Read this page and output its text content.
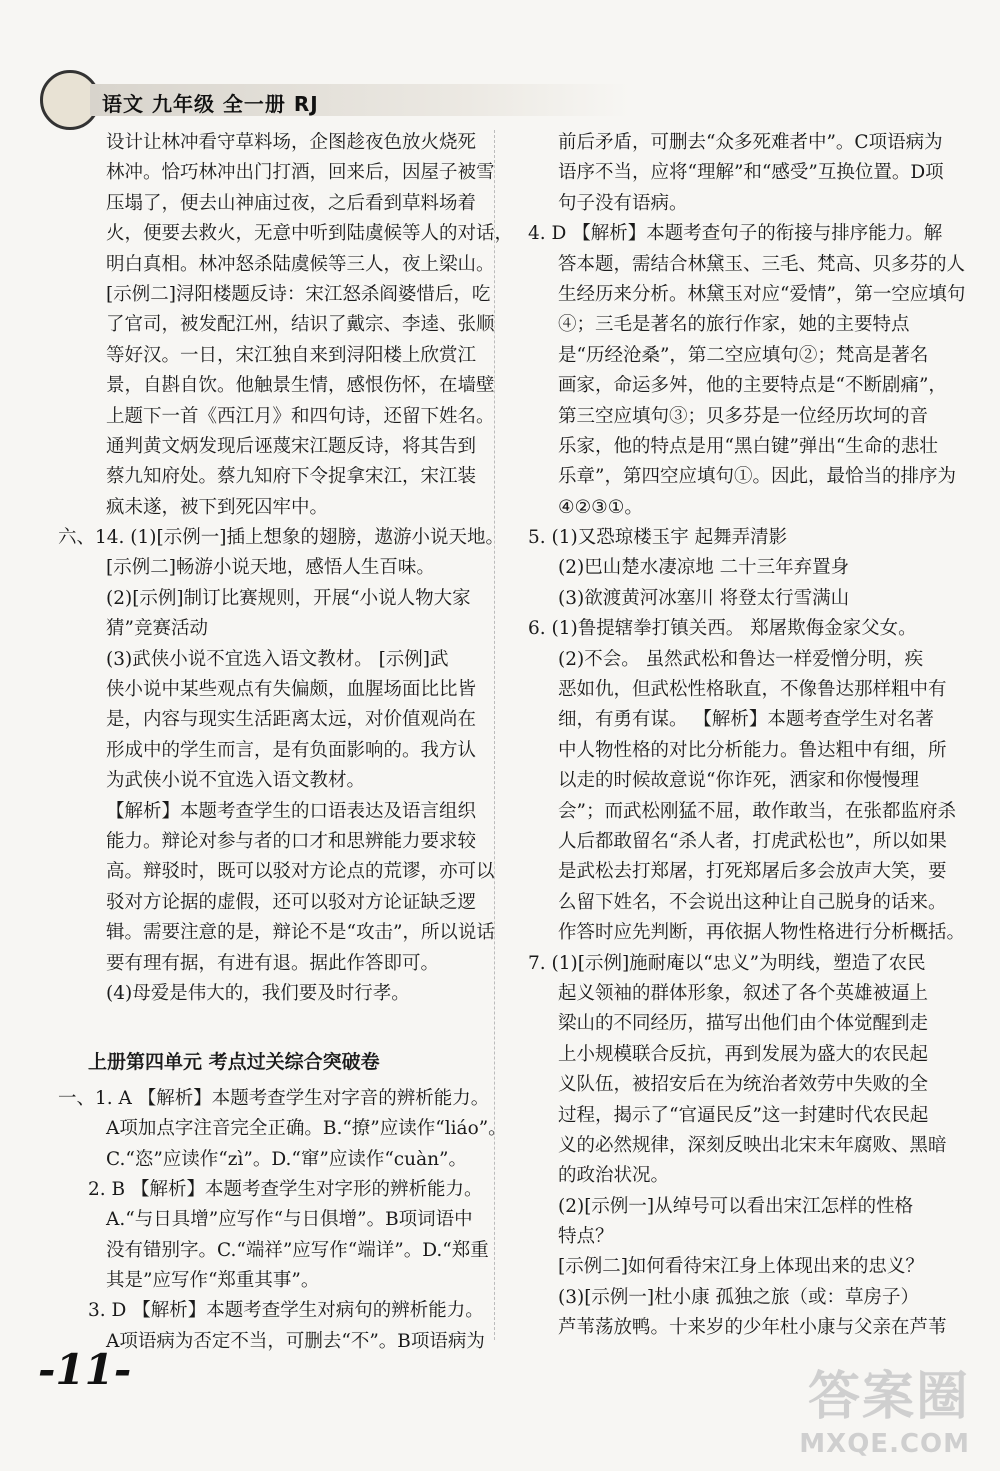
语文 九年级 全一册 RJ
设计让林冲看守草料场，企图趁夜色放火烧死
林冲。恰巧林冲出门打酒，回来后，因屋子被雪
压塌了，便去山神庙过夜，之后看到草料场着
火，便要去救火，无意中听到陆虞候等人的对话，
明白真相。林冲怒杀陆虞候等三人，夜上梁山。
[示例二]浔阳楼题反诗：宋江怒杀阎婆惜后，吃
了官司，被发配江州，结识了戴宗、李逵、张顺
等好汉。一日，宋江独自来到浔阳楼上欣赏江
景，自斟自饮。他触景生情，感恨伤怀，在墙壁
上题下一首《西江月》和四句诗，还留下姓名。
通判黄文炳发现后诬蔑宋江题反诗，将其告到
蔡九知府处。蔡九知府下令捉拿宋江，宋江装
疯未遂，被下到死囚牢中。
六、14. (1)[示例一]插上想象的翅膀，遨游小说天地。
[示例二]畅游小说天地，感悟人生百味。
(2)[示例]制订比赛规则，开展“小说人物大家
猜”竞赛活动
(3)武侠小说不宜选入语文教材。 [示例]武
侠小说中某些观点有失偏颇，血腥场面比比皆
是，内容与现实生活距离太远，对价值观尚在
形成中的学生而言，是有负面影响的。我方认
为武侠小说不宜选入语文教材。
【解析】本题考查学生的口语表达及语言组织
能力。辩论对参与者的口才和思辨能力要求较
高。辩驳时，既可以驳对方论点的荒谬，亦可以
驳对方论据的虚假，还可以驳对方论证缺乏逻
辑。需要注意的是，辩论不是“攻击”，所以说话
要有理有据，有进有退。据此作答即可。
(4)母爱是伟大的，我们要及时行孝。
上册第四单元 考点过关综合突破卷
一、1. A 【解析】本题考查学生对字音的辨析能力。
A项加点字注音完全正确。B.“撩”应读作“liáo”。
C.“恣”应读作“zì”。D.“窜”应读作“cuàn”。
2. B 【解析】本题考查学生对字形的辨析能力。
A.“与日具增”应写作“与日俱增”。B项词语中
没有错别字。C.“端祥”应写作“端详”。D.“郑重
其是”应写作“郑重其事”。
3. D 【解析】本题考查学生对病句的辨析能力。
A项语病为否定不当，可删去“不”。B项语病为
前后矛盾，可删去“众多死难者中”。C项语病为
语序不当，应将“理解”和“感受”互换位置。D项
句子没有语病。
4. D 【解析】本题考查句子的衔接与排序能力。解
答本题，需结合林黛玉、三毛、梵高、贝多芬的人
生经历来分析。林黛玉对应“爱情”，第一空应填句
④；三毛是著名的旅行作家，她的主要特点
是“历经沧桑”，第二空应填句②；梵高是著名
画家，命运多舛，他的主要特点是“不断剧痛”，
第三空应填句③；贝多芬是一位经历坎坷的音
乐家，他的特点是用“黑白键”弹出“生命的悲壮
乐章”，第四空应填句①。因此，最恰当的排序为
④②③①。
5. (1)又恐琼楼玉宇 起舞弄清影
(2)巴山楚水凄凉地 二十三年弃置身
(3)欲渡黄河冰塞川 将登太行雪满山
6. (1)鲁提辖拳打镇关西。 郑屠欺侮金家父女。
(2)不会。 虽然武松和鲁达一样爱憎分明，疾
恶如仇，但武松性格耿直，不像鲁达那样粗中有
细，有勇有谋。 【解析】本题考查学生对名著
中人物性格的对比分析能力。鲁达粗中有细，所
以走的时候故意说“你诈死，洒家和你慢慢理
会”；而武松刚猛不屈，敢作敢当，在张都监府杀
人后都敢留名“杀人者，打虎武松也”，所以如果
是武松去打郑屠，打死郑屠后多会放声大笑，要
么留下姓名，不会说出这种让自己脱身的话来。
作答时应先判断，再依据人物性格进行分析概括。
7. (1)[示例]施耐庵以“忠义”为明线，塑造了农民
起义领袖的群体形象，叙述了各个英雄被逼上
梁山的不同经历，描写出他们由个体觉醒到走
上小规模联合反抗，再到发展为盛大的农民起
义队伍，被招安后在为统治者效劳中失败的全
过程，揭示了“官逼民反”这一封建时代农民起
义的必然规律，深刻反映出北宋末年腐败、黑暗
的政治状况。
(2)[示例一]从绰号可以看出宋江怎样的性格
特点？
[示例二]如何看待宋江身上体现出来的忠义？
(3)[示例一]杜小康 孤独之旅（或：草房子）
芦苇荡放鸭。十来岁的少年杜小康与父亲在芦苇
-11-	答案圈
MXQE.COM
